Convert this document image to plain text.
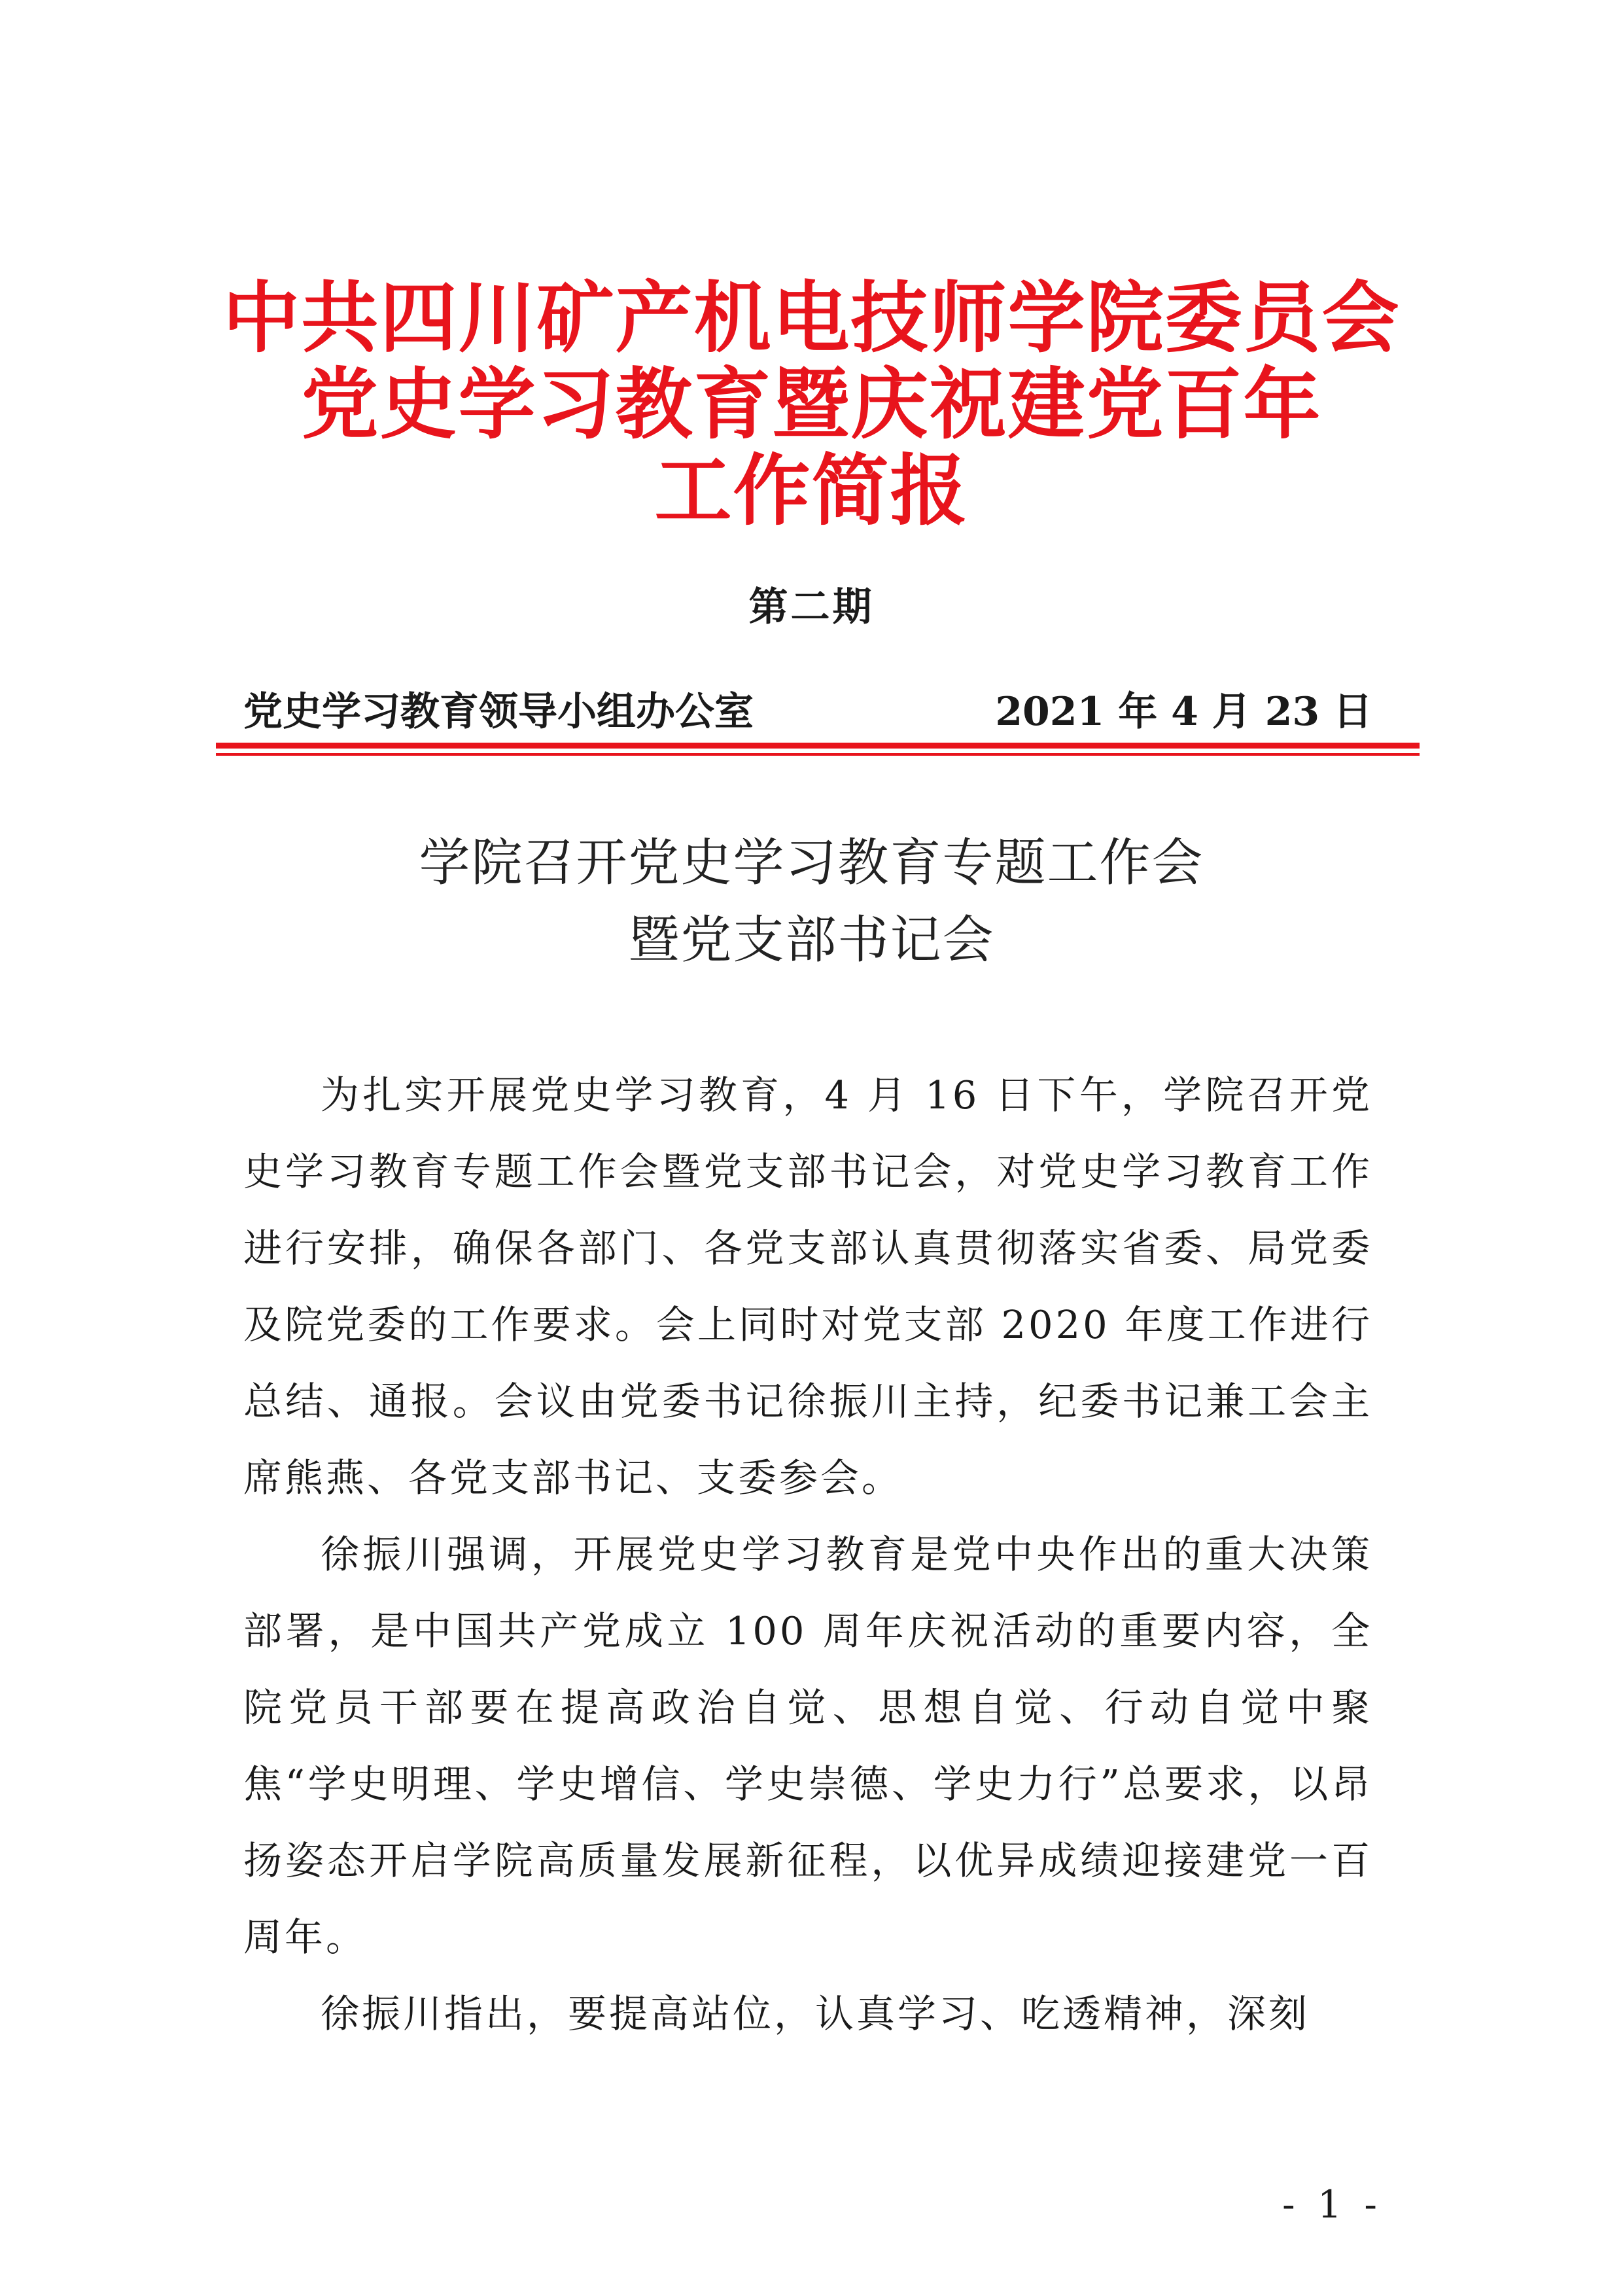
中共四川矿产机电技师学院委员会
党史学习教育暨庆祝建党百年
工作简报
第二期
党史学习教育领导小组办公室	2021 年 4 月 23 日
学院召开党史学习教育专题工作会
暨党支部书记会

为扎实开展党史学习教育，4 月 16 日下午，学院召开党史学习教育专题工作会暨党支部书记会，对党史学习教育工作进行安排，确保各部门、各党支部认真贯彻落实省委、局党委及院党委的工作要求。会上同时对党支部 2020 年度工作进行总结、通报。会议由党委书记徐振川主持，纪委书记兼工会主席熊燕、各党支部书记、支委参会。

徐振川强调，开展党史学习教育是党中央作出的重大决策部署，是中国共产党成立 100 周年庆祝活动的重要内容，全院党员干部要在提高政治自觉、思想自觉、行动自觉中聚焦“学史明理、学史增信、学史崇德、学史力行”总要求，以昂扬姿态开启学院高质量发展新征程，以优异成绩迎接建党一百周年。

徐振川指出，要提高站位，认真学习、吃透精神，深刻

- 1 -
